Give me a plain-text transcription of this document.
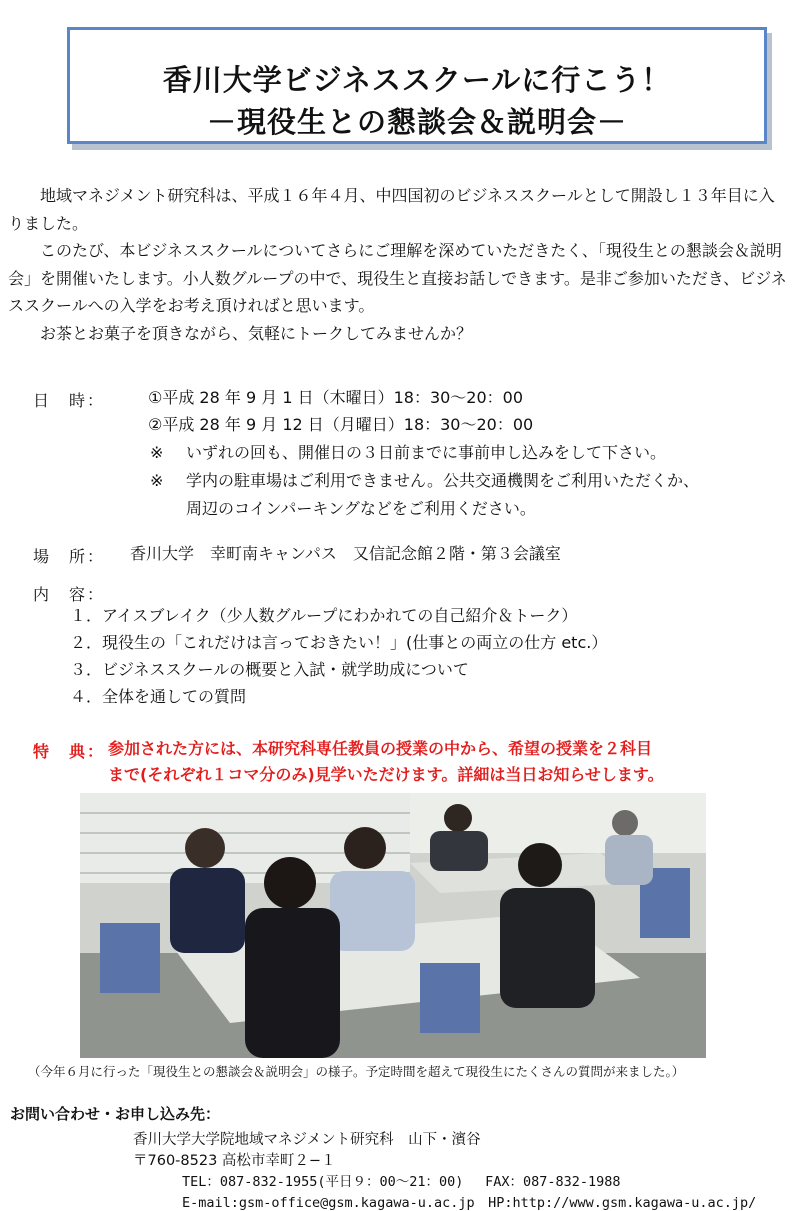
香川大学ビジネススクールに行こう！
－現役生との懇談会＆説明会－

地域マネジメント研究科は、平成１６年４月、中四国初のビジネススクールとして開設し１３年目に入りました。

このたび、本ビジネススクールについてさらにご理解を深めていただきたく、「現役生との懇談会＆説明会」を開催いたします。小人数グループの中で、現役生と直接お話しできます。是非ご参加いただき、ビジネススクールへの入学をお考え頂ければと思います。

お茶とお菓子を頂きながら、気軽にトークしてみませんか？

日　時：	①平成 28 年 9 月 1 日（木曜日）18：30～20：00
②平成 28 年 9 月 12 日（月曜日）18：30～20：00
※ いずれの回も、開催日の３日前までに事前申し込みをして下さい。
※ 学内の駐車場はご利用できません。公共交通機関をご利用いただくか、
周辺のコインパーキングなどをご利用ください。
場　所： 香川大学　幸町南キャンパス　又信記念館２階・第３会議室
内　容：
１．アイスブレイク（少人数グループにわかれての自己紹介＆トーク）
２．現役生の「これだけは言っておきたい！」(仕事との両立の仕方 etc.）
３．ビジネススクールの概要と入試・就学助成について
４．全体を通しての質問
特　典： 参加された方には、本研究科専任教員の授業の中から、希望の授業を２科目
まで(それぞれ１コマ分のみ)見学いただけます。詳細は当日お知らせします。
（今年６月に行った「現役生との懇談会＆説明会」の様子。予定時間を超えて現役生にたくさんの質問が来ました。）
お問い合わせ・お申し込み先：
香川大学大学院地域マネジメント研究科　山下・濱谷
〒760-8523 高松市幸町２−１
TEL：087-832-1955(平日９：00～21：00)　 FAX：087-832-1988
E-mail:gsm-office@gsm.kagawa-u.ac.jp　HP:http://www.gsm.kagawa-u.ac.jp/
